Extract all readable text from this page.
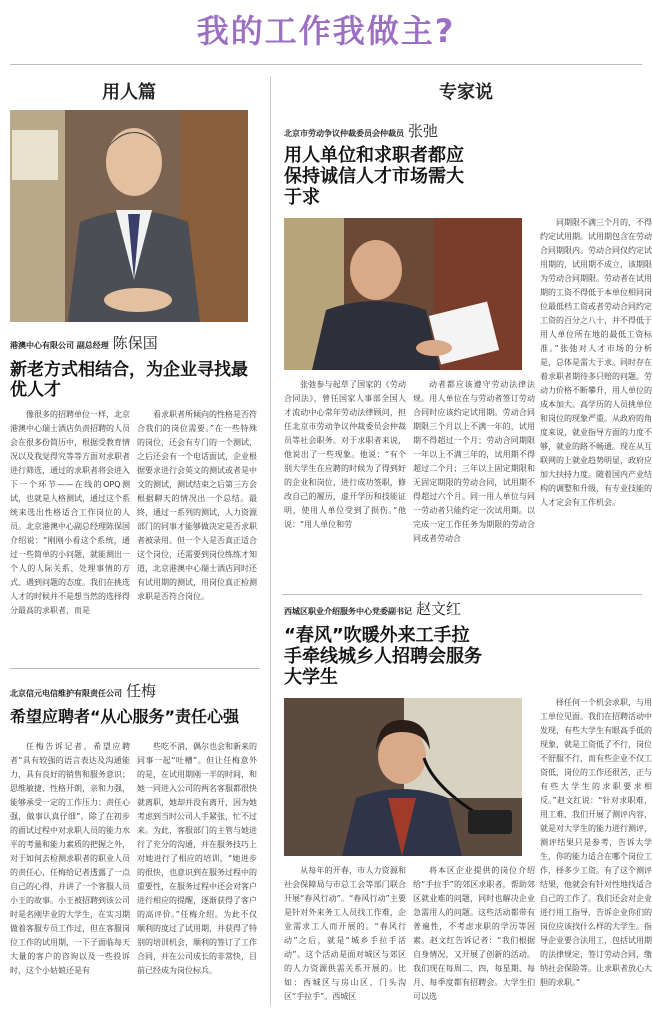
我的工作我做主?
用人篇	专家说
港澳中心有限公司 副总经理 陈保国
新老方式相结合，为企业寻找最优人才
像很多的招聘单位一样，北京港澳中心瑞士酒店负责招聘的人员会在很多份简历中，根据受教育情况以及我觉得究等等方面对求职者进行筛选，通过的求职者将会进入下一个环节——在线的OPQ测试，也就是人格测试，通过这个系统来选出性格适合工作岗位的人员。北京港澳中心副总经理陈保国介绍说：“刚刚小看这个系统，通过一些简单的小问题，就能测出一个人的人际关系、处理事情的方式、遇到问题的态度。我们在挑选人才的时候并不是想当然的选择得分最高的求职者，而是
看求职者所倾向的性格是否符合我们的岗位需要。”在一些特殊的岗位，还会有专门的一个测试，之后还会有一个电话面试，企业根据要求进行会英文的测试或者是中文的测试，测试结束之后第三方会根据聊天的情况出一个总结。最终，通过一系列的测试，人力资源部门的同事才能够做决定是否求职者被录用。但一个人是否真正适合这个岗位，还需要到岗位练练才知道，北京港澳中心瑞士酒店同时还有试用期的测试，用岗位真正检测求职是否符合岗位。
北京信元电信维护有限责任公司 任梅
希望应聘者“从心服务”责任心强
任梅告诉记者，希望应聘者“具有较强的语言表达及沟通能力，具有良好的销售和服务意识；思维敏捷、性格开朗，亲和力强，能够承受一定的工作压力；责任心强，做事认真仔细”。除了在初步的面试过程中对求职人员的能力水平的考量和能力素质的把握之外，对于如何去检测求职者的职业人员的责任心，任梅给记者透露了一点自己的心得，并讲了一个客服人员小王的故事。小王被招聘到该公司时是名刚毕业的大学生，在实习期做着客服专员工作过，但在客服岗位工作的试用期，一下子面临每天大量的客户的咨询以及一些投诉时，这个小姑娘还是有
些吃不消，偶尔也会和新来的同事一起“吐槽”。但让任梅意外的是，在试用期刚一半的时间，和她一同进入公司的两名客服都很快就离职，她却并没有离开，因为她考虑到当时公司人手紧张，忙不过来。为此，客服部门的主管与她进行了充分的沟通，并在服务技巧上对她进行了相应的培训，“她进步的很快，也意识到在服务过程中的重要性，在服务过程中还会对客户进行相应的提醒，逐渐获得了客户的高评价。”任梅介绍。为此不仅顺利的度过了试用期，并获得了特别的培训机会，顺利的签订了工作合同，并在公司成长的非常快，目前已经成为岗位标兵。
北京市劳动争议仲裁委员会仲裁员 张弛
用人单位和求职者都应保持诚信人才市场需大于求
张弛参与起草了国家的《劳动合同法》，曾任国家人事部全国人才流动中心常年劳动法律顾问，担任北京市劳动争议仲裁委员会仲裁员等社会职务。对于求职者来说，他说出了一些现象。他说：“有个别大学生在应聘的时候为了得到好的企业和岗位，进行成功签职，修改自己的履历，虚开学历和技能证明，使用人单位受到了损伤。”他说：“用人单位和劳
动者都应该遵守劳动法律法规。用人单位在与劳动者签订劳动合同时应该约定试用期。劳动合同期限三个月以上不满一年的，试用期不得超过一个月；劳动合同期限一年以上不满三年的，试用期不得超过二个月；三年以上固定期限和无固定期限的劳动合同，试用期不得超过六个月。同一用人单位与同一劳动者只能约定一次试用期。以完成一定工作任务为期限的劳动合同或者劳动合
同期限不满三个月的，不得约定试用期。试用期包含在劳动合同期限内。劳动合同仅约定试用期的，试用期不成立，该期限为劳动合同期限。劳动者在试用期的工资不得低于本单位相同岗位最低档工资或者劳动合同约定工资的百分之八十，并不得低于用人单位所在地的最低工资标准。”张弛对人才市场的分析是，总体是需大于求。同时存在着求职者期待多只赔的问题。劳动力价格不断攀升，用人单位的成本加大。高学历的人员挑单位和岗位的现象严重。从政府的角度来说，就业指导方面的力度不够，就业的路不畅通。现在从互联网的上就业趋势明显，政府应加大扶持力度。随着国内产业结构的调整和升级，有专业技能的人才定会有工作机会。
西城区职业介绍服务中心党委副书记 赵文红
“春风”吹暖外来工手拉手牵线城乡人招聘会服务大学生
从每年的开春，市人力资源和社会保障局与市总工会等部门联合开展“春风行动”。“春风行动”主要是针对外来务工人员找工作难，企业需求工人而开展的。“春风行动”之后，就是“城乡手拉手活动”。这个活动是面对城区与郊区的人力资源供需关系开展的。比如：西城区与房山区、门头沟区“手拉手”。西城区
将本区企业提供的岗位介绍给“手拉手”的郊区求职者，帮助郊区就业难的问题，同时也解决企业急需用人的问题。这些活动都带有普遍性，不考虑求职的学历等因素。赵文红告诉记者：“我们根据自身情况，又开展了创新的活动。我们现在每周二、四，每星期、每月、每季度都有招聘会。大学生们可以选
择任何一个机会求职，与用工单位见面。我们在招聘活动中发现，有些大学生有眼高手低的现象，就是工资低了不行，岗位不舒服不行，而有些企业不仅工资低，岗位的工作还很苦，正与有些大学生的求职要求相反。”赵文红说：“针对求职难，用工难，我们开展了测评内容，就是对大学生的能力进行测评，测评结果只是参考，告诉大学生，你的能力适合在哪个岗位工作，择多少工资。有了这个测评结果，他就会有针对性地找适合自己的工作了。我们还会对企业进行用工指导，告诉企业你们的岗位应该找什么样的大学生。指导企业要合法用工，包括试用期的法律规定，签订劳动合同，缴纳社会保险等。让求职者放心大胆的求职。”
